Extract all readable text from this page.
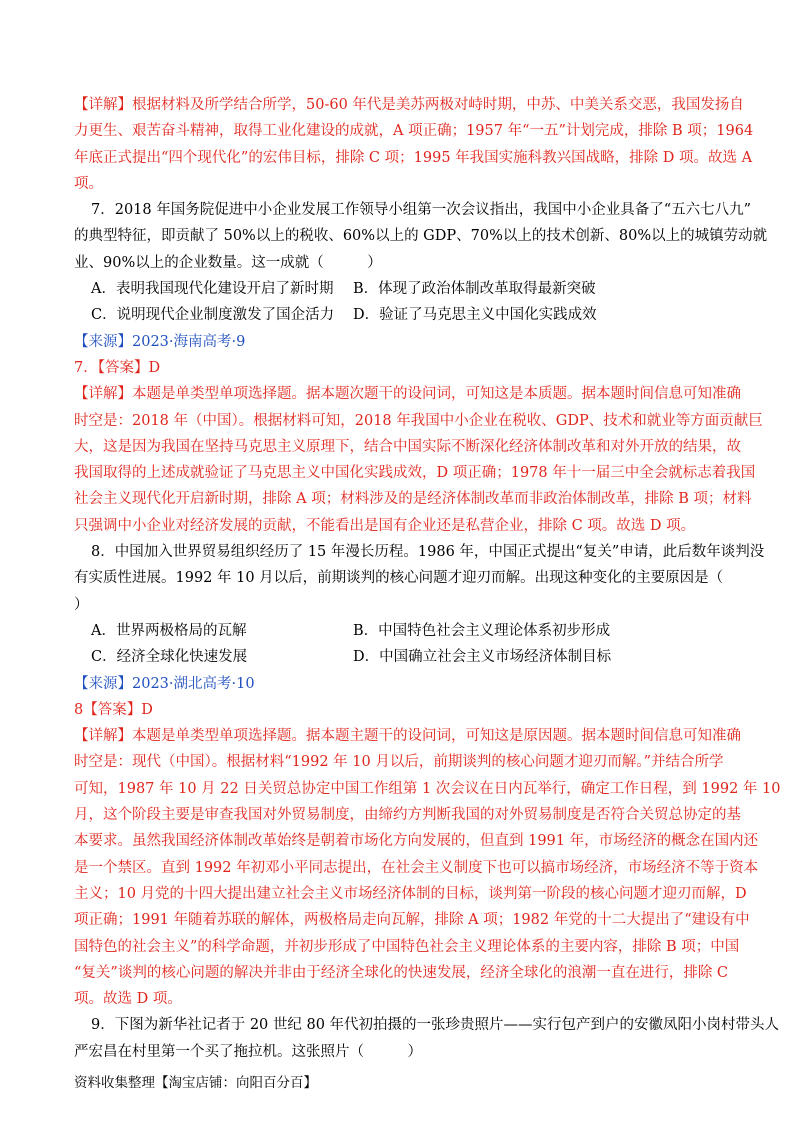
【详解】根据材料及所学结合所学，50-60 年代是美苏两极对峙时期，中苏、中美关系交恶，我国发扬自
力更生、艰苦奋斗精神，取得工业化建设的成就，A 项正确；1957 年“一五”计划完成，排除 B 项；1964
年底正式提出“四个现代化”的宏伟目标，排除 C 项；1995 年我国实施科教兴国战略，排除 D 项。故选 A
项。
7．2018 年国务院促进中小企业发展工作领导小组第一次会议指出，我国中小企业具备了“五六七八九”
的典型特征，即贡献了 50%以上的税收、60%以上的 GDP、70%以上的技术创新、80%以上的城镇劳动就
业、90%以上的企业数量。这一成就（　　　）
A．表明我国现代化建设开启了新时期	B．体现了政治体制改革取得最新突破
C．说明现代企业制度激发了国企活力	D．验证了马克思主义中国化实践成效
【来源】2023·海南高考·9
7．【答案】D
【详解】本题是单类型单项选择题。据本题次题干的设问词，可知这是本质题。据本题时间信息可知准确
时空是：2018 年（中国）。根据材料可知，2018 年我国中小企业在税收、GDP、技术和就业等方面贡献巨
大，这是因为我国在坚持马克思主义原理下，结合中国实际不断深化经济体制改革和对外开放的结果，故
我国取得的上述成就验证了马克思主义中国化实践成效，D 项正确；1978 年十一届三中全会就标志着我国
社会主义现代化开启新时期，排除 A 项；材料涉及的是经济体制改革而非政治体制改革，排除 B 项；材料
只强调中小企业对经济发展的贡献，不能看出是国有企业还是私营企业，排除 C 项。故选 D 项。
8．中国加入世界贸易组织经历了 15 年漫长历程。1986 年，中国正式提出“复关”申请，此后数年谈判没
有实质性进展。1992 年 10 月以后，前期谈判的核心问题才迎刃而解。出现这种变化的主要原因是（
）
A．世界两极格局的瓦解	B．中国特色社会主义理论体系初步形成
C．经济全球化快速发展	D．中国确立社会主义市场经济体制目标
【来源】2023·湖北高考·10
8【答案】D
【详解】本题是单类型单项选择题。据本题主题干的设问词，可知这是原因题。据本题时间信息可知准确
时空是：现代（中国）。根据材料“1992 年 10 月以后，前期谈判的核心问题才迎刃而解。”并结合所学
可知，1987 年 10 月 22 日关贸总协定中国工作组第 1 次会议在日内瓦举行，确定工作日程，到 1992 年 10
月，这个阶段主要是审查我国对外贸易制度，由缔约方判断我国的对外贸易制度是否符合关贸总协定的基
本要求。虽然我国经济体制改革始终是朝着市场化方向发展的，但直到 1991 年，市场经济的概念在国内还
是一个禁区。直到 1992 年初邓小平同志提出，在社会主义制度下也可以搞市场经济，市场经济不等于资本
主义；10 月党的十四大提出建立社会主义市场经济体制的目标，谈判第一阶段的核心问题才迎刃而解，D
项正确；1991 年随着苏联的解体，两极格局走向瓦解，排除 A 项；1982 年党的十二大提出了“建设有中
国特色的社会主义”的科学命题，并初步形成了中国特色社会主义理论体系的主要内容，排除 B 项；中国
“复关”谈判的核心问题的解决并非由于经济全球化的快速发展，经济全球化的浪潮一直在进行，排除 C
项。故选 D 项。
9．下图为新华社记者于 20 世纪 80 年代初拍摄的一张珍贵照片——实行包产到户的安徽凤阳小岗村带头人
严宏昌在村里第一个买了拖拉机。这张照片（　　　）
资料收集整理【淘宝店铺：向阳百分百】
